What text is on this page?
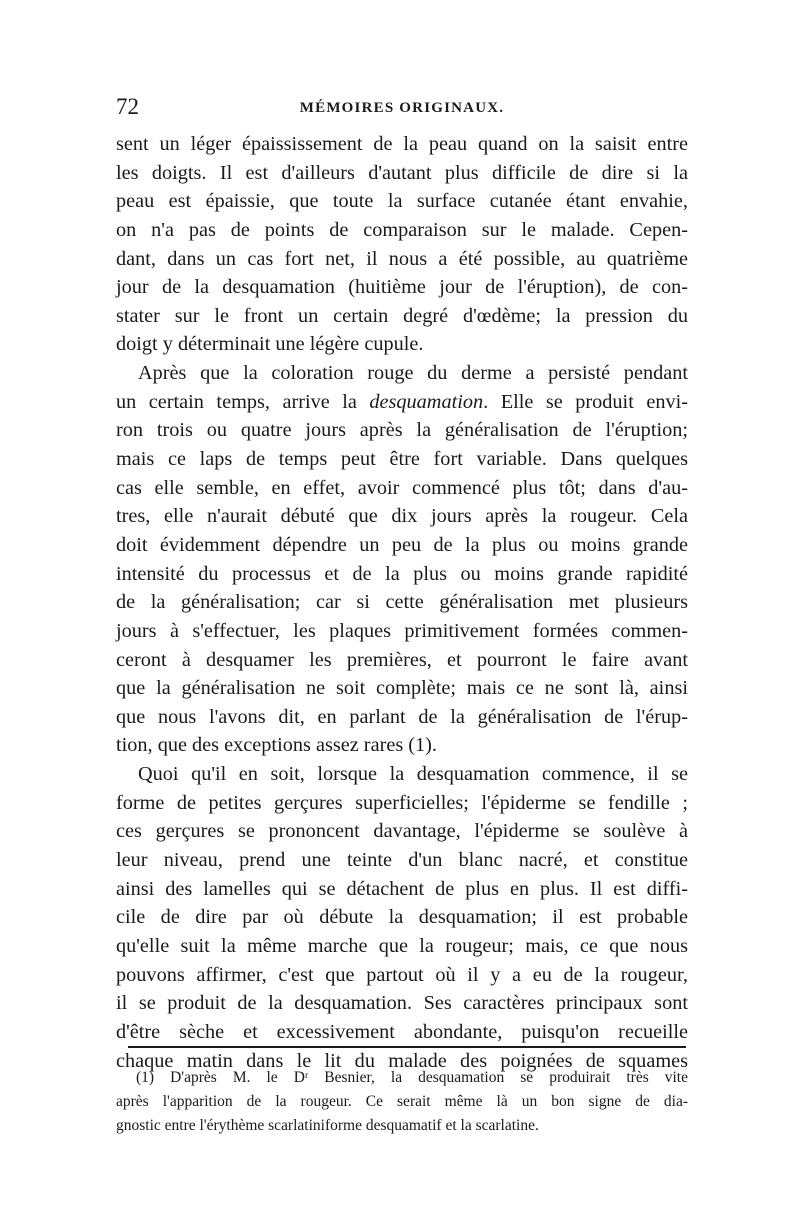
72	MÉMOIRES ORIGINAUX.
sent un léger épaississement de la peau quand on la saisit entre
les doigts. Il est d'ailleurs d'autant plus difficile de dire si la
peau est épaissie, que toute la surface cutanée étant envahie,
on n'a pas de points de comparaison sur le malade. Cepen-
dant, dans un cas fort net, il nous a été possible, au quatrième
jour de la desquamation (huitième jour de l'éruption), de con-
stater sur le front un certain degré d'œdème; la pression du
doigt y déterminait une légère cupule.
Après que la coloration rouge du derme a persisté pendant
un certain temps, arrive la desquamation. Elle se produit envi-
ron trois ou quatre jours après la généralisation de l'éruption;
mais ce laps de temps peut être fort variable. Dans quelques
cas elle semble, en effet, avoir commencé plus tôt; dans d'au-
tres, elle n'aurait débuté que dix jours après la rougeur. Cela
doit évidemment dépendre un peu de la plus ou moins grande
intensité du processus et de la plus ou moins grande rapidité
de la généralisation; car si cette généralisation met plusieurs
jours à s'effectuer, les plaques primitivement formées commen-
ceront à desquamer les premières, et pourront le faire avant
que la généralisation ne soit complète; mais ce ne sont là, ainsi
que nous l'avons dit, en parlant de la généralisation de l'érup-
tion, que des exceptions assez rares (1).
Quoi qu'il en soit, lorsque la desquamation commence, il se
forme de petites gerçures superficielles; l'épiderme se fendille ;
ces gerçures se prononcent davantage, l'épiderme se soulève à
leur niveau, prend une teinte d'un blanc nacré, et constitue
ainsi des lamelles qui se détachent de plus en plus. Il est diffi-
cile de dire par où débute la desquamation; il est probable
qu'elle suit la même marche que la rougeur; mais, ce que nous
pouvons affirmer, c'est que partout où il y a eu de la rougeur,
il se produit de la desquamation. Ses caractères principaux sont
d'être sèche et excessivement abondante, puisqu'on recueille
chaque matin dans le lit du malade des poignées de squames
(1) D'après M. le Dʳ Besnier, la desquamation se produirait très vite
après l'apparition de la rougeur. Ce serait même là un bon signe de dia-
gnostic entre l'érythème scarlatiniforme desquamatif et la scarlatine.
